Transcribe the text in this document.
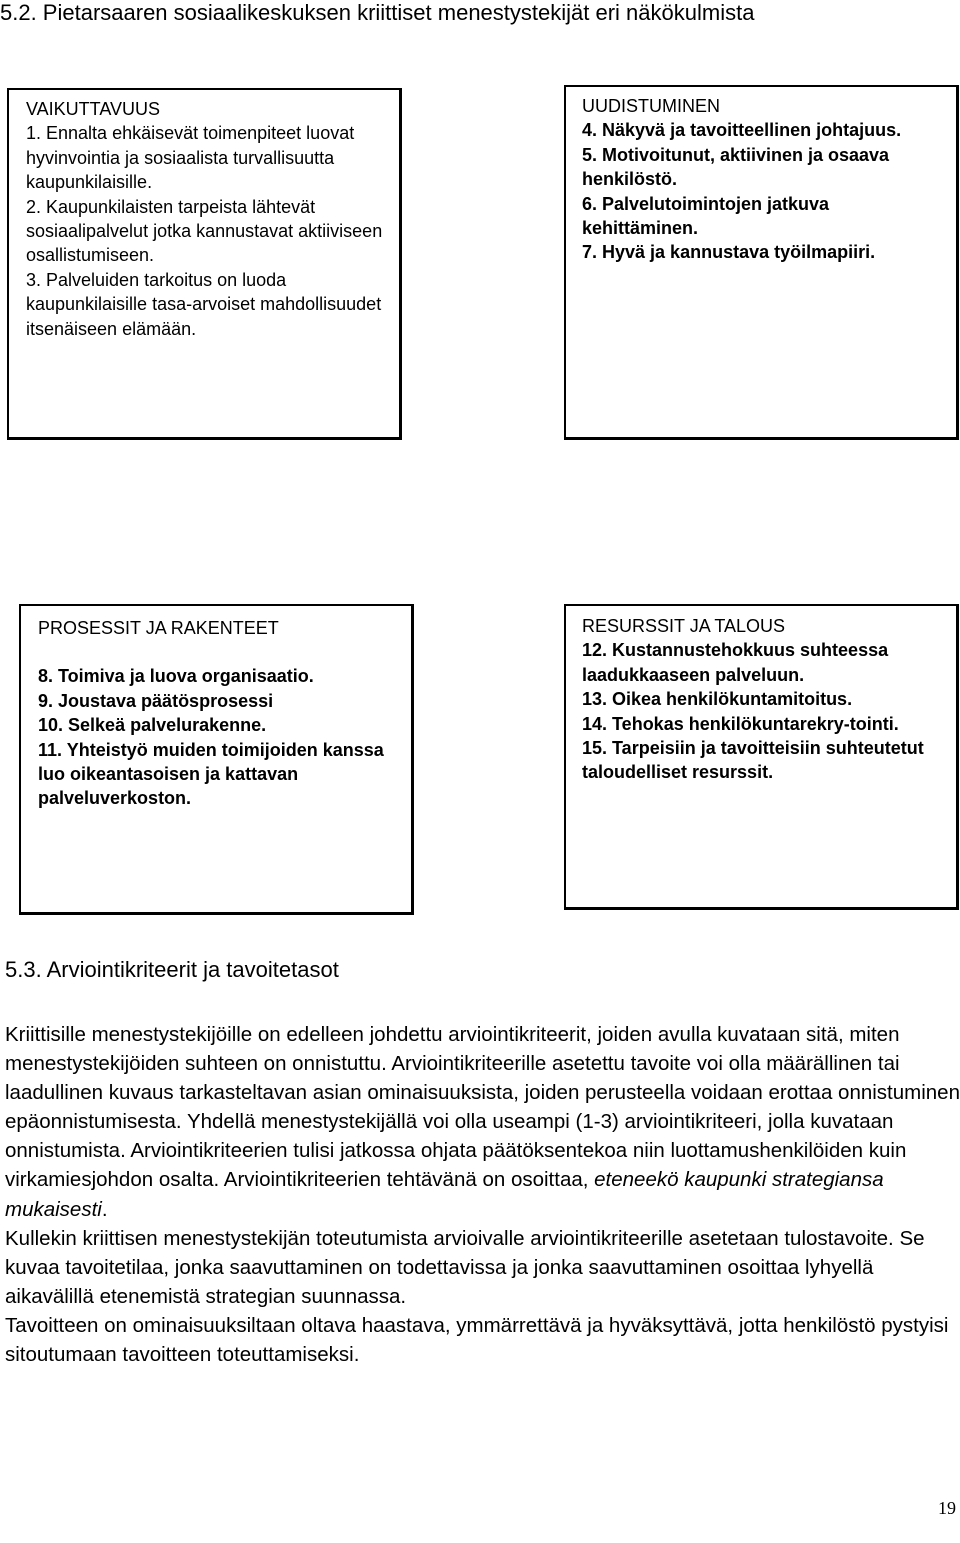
5.2. Pietarsaaren sosiaalikeskuksen kriittiset menestystekijät eri näkökulmista

VAIKUTTAVUUS

1. Ennalta ehkäisevät toimenpiteet luovat hyvinvointia ja sosiaalista turvallisuutta kaupunkilaisille.

2. Kaupunkilaisten tarpeista lähtevät sosiaalipalvelut jotka kannustavat aktiiviseen osallistumiseen.

3. Palveluiden tarkoitus on luoda kaupunkilaisille tasa-arvoiset mahdollisuudet itsenäiseen elämään.

UUDISTUMINEN

4. Näkyvä ja tavoitteellinen johtajuus.

5. Motivoitunut, aktiivinen ja osaava henkilöstö.

6. Palvelutoimintojen jatkuva kehittäminen.

7. Hyvä ja kannustava työilmapiiri.

PROSESSIT JA RAKENTEET

8. Toimiva ja luova organisaatio.

9. Joustava päätösprosessi

10. Selkeä palvelurakenne.

11. Yhteistyö muiden toimijoiden kanssa luo oikeantasoisen ja kattavan palveluverkoston.

RESURSSIT JA TALOUS

12. Kustannustehokkuus suhteessa laadukkaaseen palveluun.

13. Oikea henkilökuntamitoitus.

14. Tehokas henkilökuntarekry-tointi.

15. Tarpeisiin ja tavoitteisiin suhteutetut taloudelliset resurssit.

5.3. Arviointikriteerit ja tavoitetasot
Kriittisille menestystekijöille on edelleen johdettu arviointikriteerit, joiden avulla kuvataan sitä, miten menestystekijöiden suhteen on onnistuttu. Arviointikriteerille asetettu tavoite voi olla määrällinen tai laadullinen kuvaus tarkasteltavan asian ominaisuuksista, joiden perusteella voidaan erottaa onnistuminen epäonnistumisesta. Yhdellä menestystekijällä voi olla useampi (1-3) arviointikriteeri, jolla kuvataan onnistumista. Arviointikriteerien tulisi jatkossa ohjata päätöksentekoa niin luottamushenkilöiden kuin virkamiesjohdon osalta. Arviointikriteerien tehtävänä on osoittaa, eteneekö kaupunki strategiansa mukaisesti.
Kullekin kriittisen menestystekijän toteutumista arvioivalle arviointikriteerille asetetaan tulostavoite. Se kuvaa tavoitetilaa, jonka saavuttaminen on todettavissa ja jonka saavuttaminen osoittaa lyhyellä aikavälillä etenemistä strategian suunnassa.
Tavoitteen on ominaisuuksiltaan oltava haastava, ymmärrettävä ja hyväksyttävä, jotta henkilöstö pystyisi sitoutumaan tavoitteen toteuttamiseksi.

19
